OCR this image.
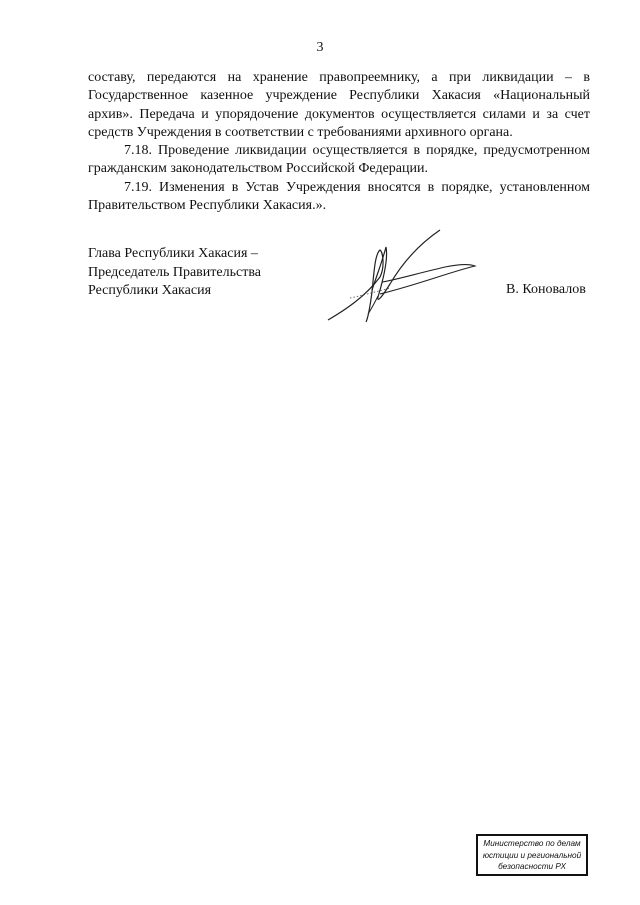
3

составу, передаются на хранение правопреемнику, а при ликвидации – в Государственное казенное учреждение Республики Хакасия «Национальный архив». Передача и упорядочение документов осуществляется силами и за счет средств Учреждения в соответствии с требованиями архивного органа.

7.18. Проведение ликвидации осуществляется в порядке, предусмотренном гражданским законодательством Российской Федерации.

7.19. Изменения в Устав Учреждения вносятся в порядке, установленном Правительством Республики Хакасия.».

Глава Республики Хакасия –
Председатель Правительства
Республики Хакасия	В. Коновалов
Министерство по делам
юстиции и региональной
безопасности РХ
